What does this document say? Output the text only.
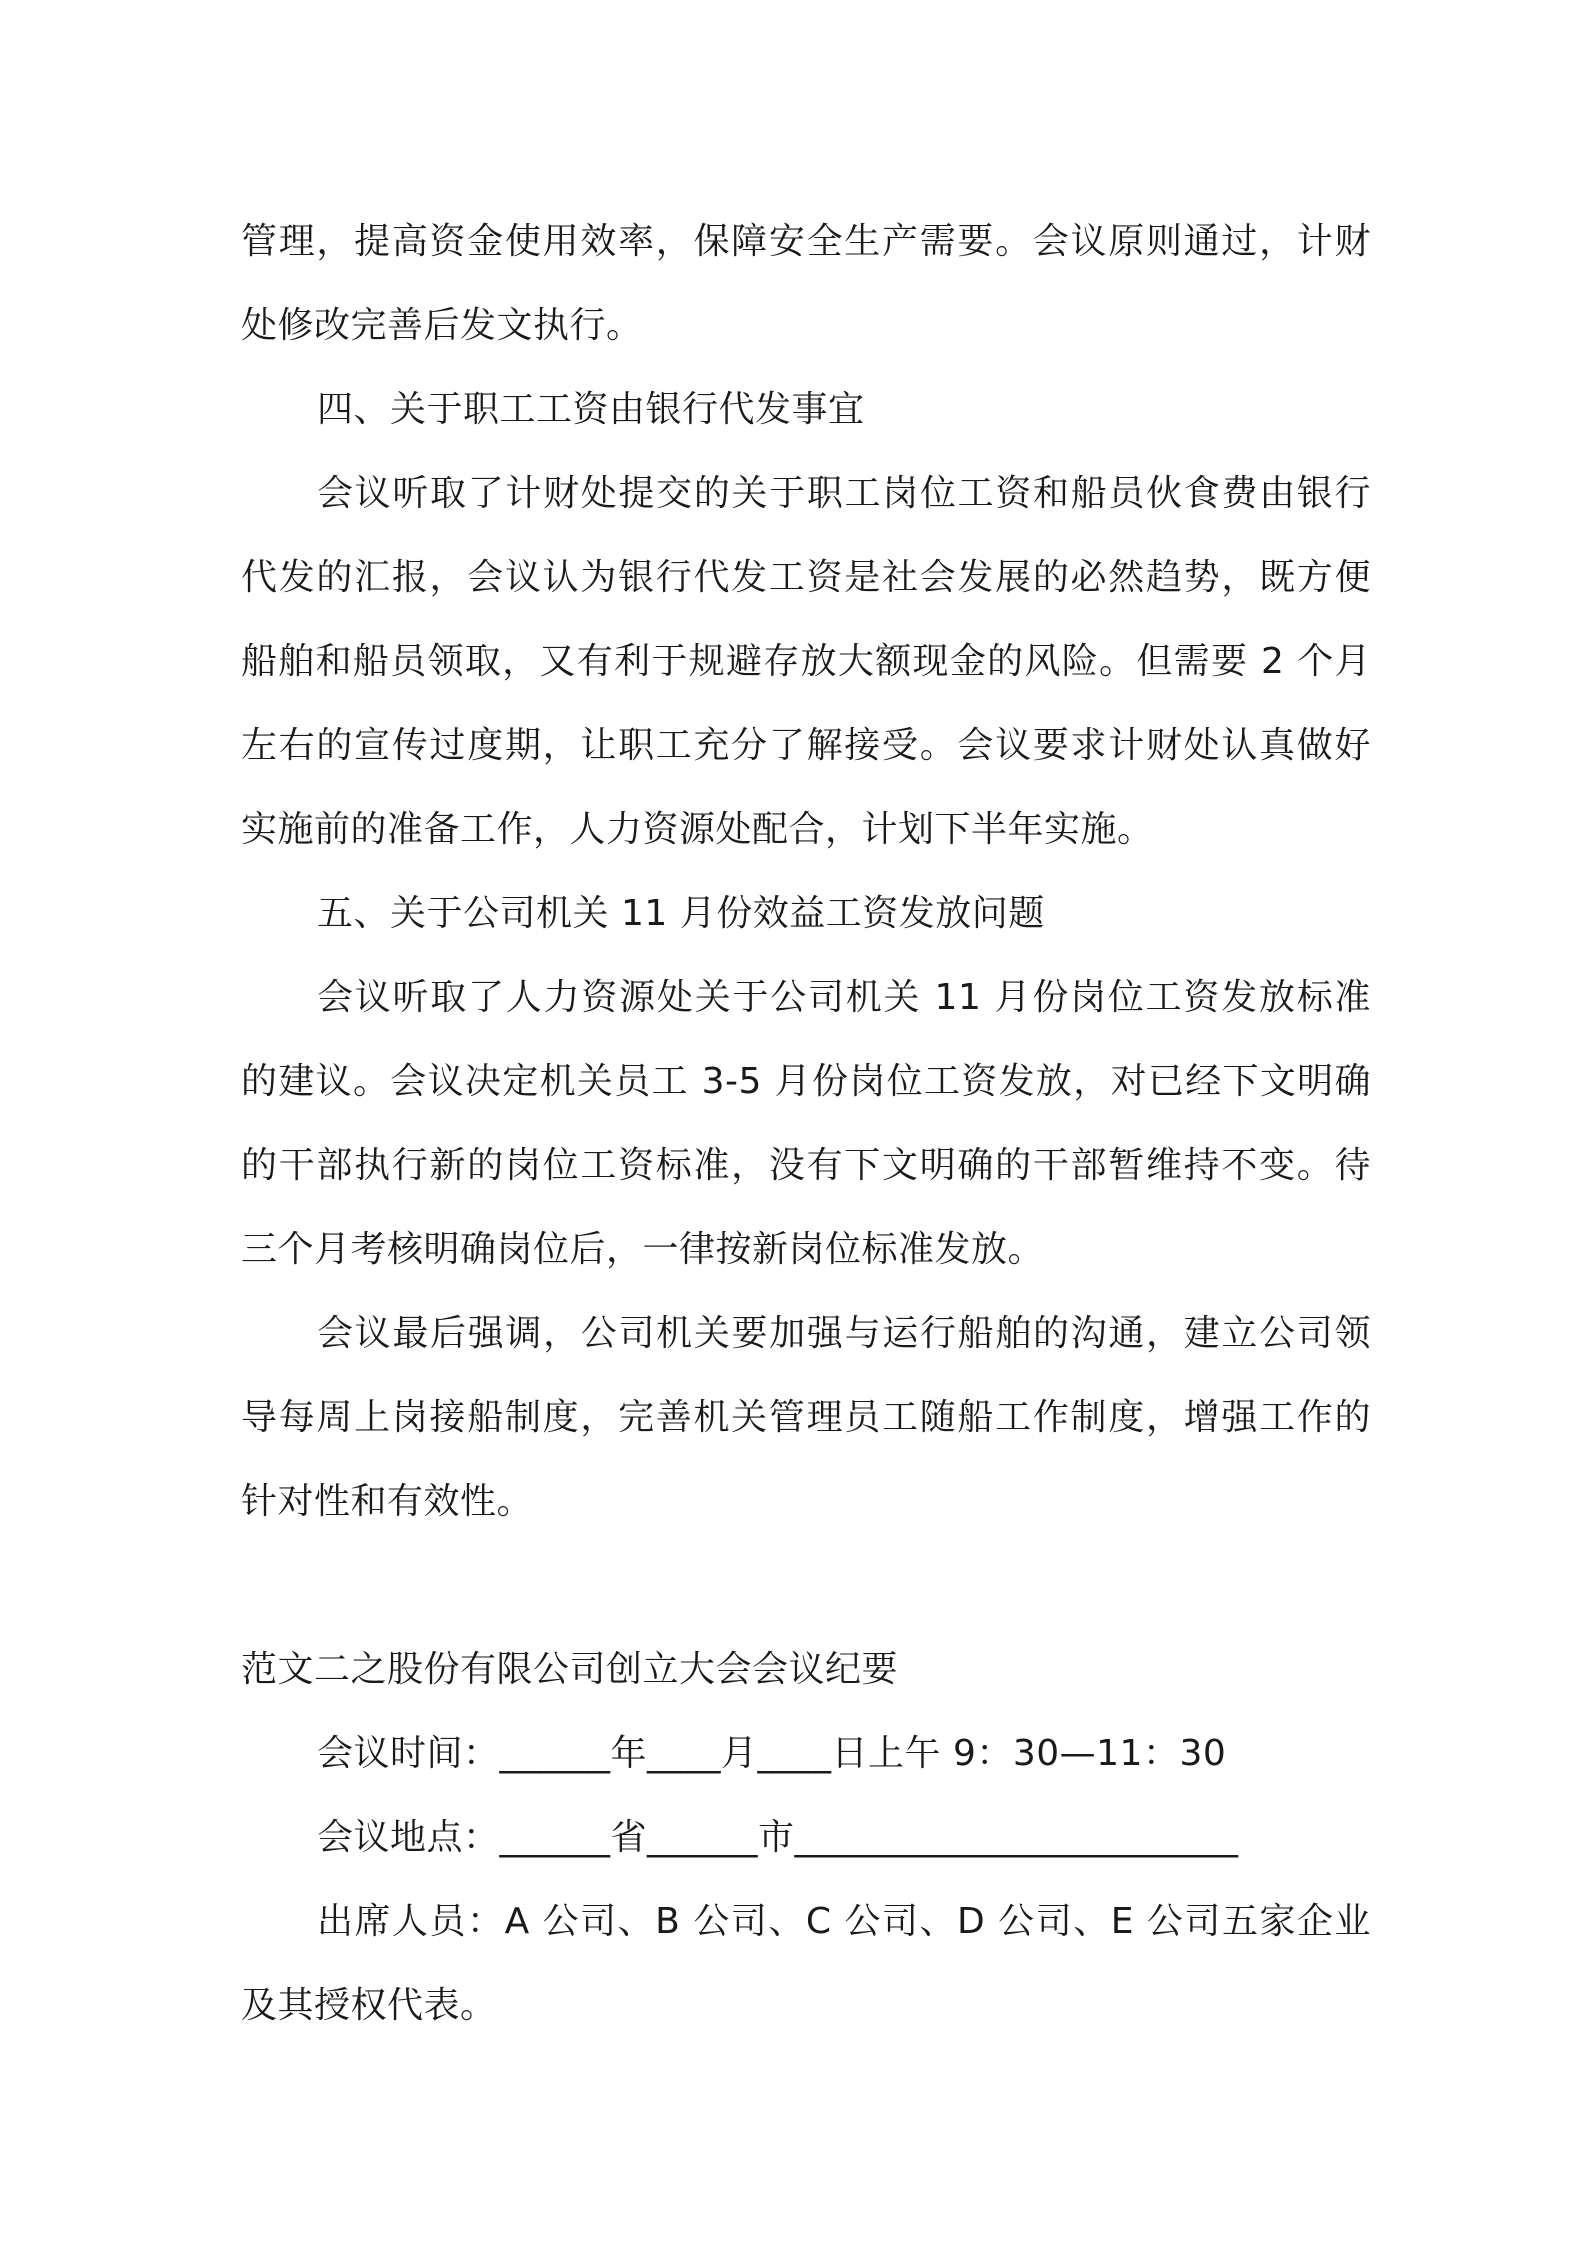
管理，提高资金使用效率，保障安全生产需要。会议原则通过，计财处修改完善后发文执行。

四、关于职工工资由银行代发事宜

会议听取了计财处提交的关于职工岗位工资和船员伙食费由银行代发的汇报，会议认为银行代发工资是社会发展的必然趋势，既方便船舶和船员领取，又有利于规避存放大额现金的风险。但需要 2 个月左右的宣传过度期，让职工充分了解接受。会议要求计财处认真做好实施前的准备工作，人力资源处配合，计划下半年实施。

五、关于公司机关 11 月份效益工资发放问题

会议听取了人力资源处关于公司机关 11 月份岗位工资发放标准的建议。会议决定机关员工 3-5 月份岗位工资发放，对已经下文明确的干部执行新的岗位工资标准，没有下文明确的干部暂维持不变。待三个月考核明确岗位后，一律按新岗位标准发放。

会议最后强调，公司机关要加强与运行船舶的沟通，建立公司领导每周上岗接船制度，完善机关管理员工随船工作制度，增强工作的针对性和有效性。

范文二之股份有限公司创立大会会议纪要

会议时间：______年____月____日上午 9：30—11：30

会议地点：______省______市________________________

出席人员：A 公司、B 公司、C 公司、D 公司、E 公司五家企业及其授权代表。
